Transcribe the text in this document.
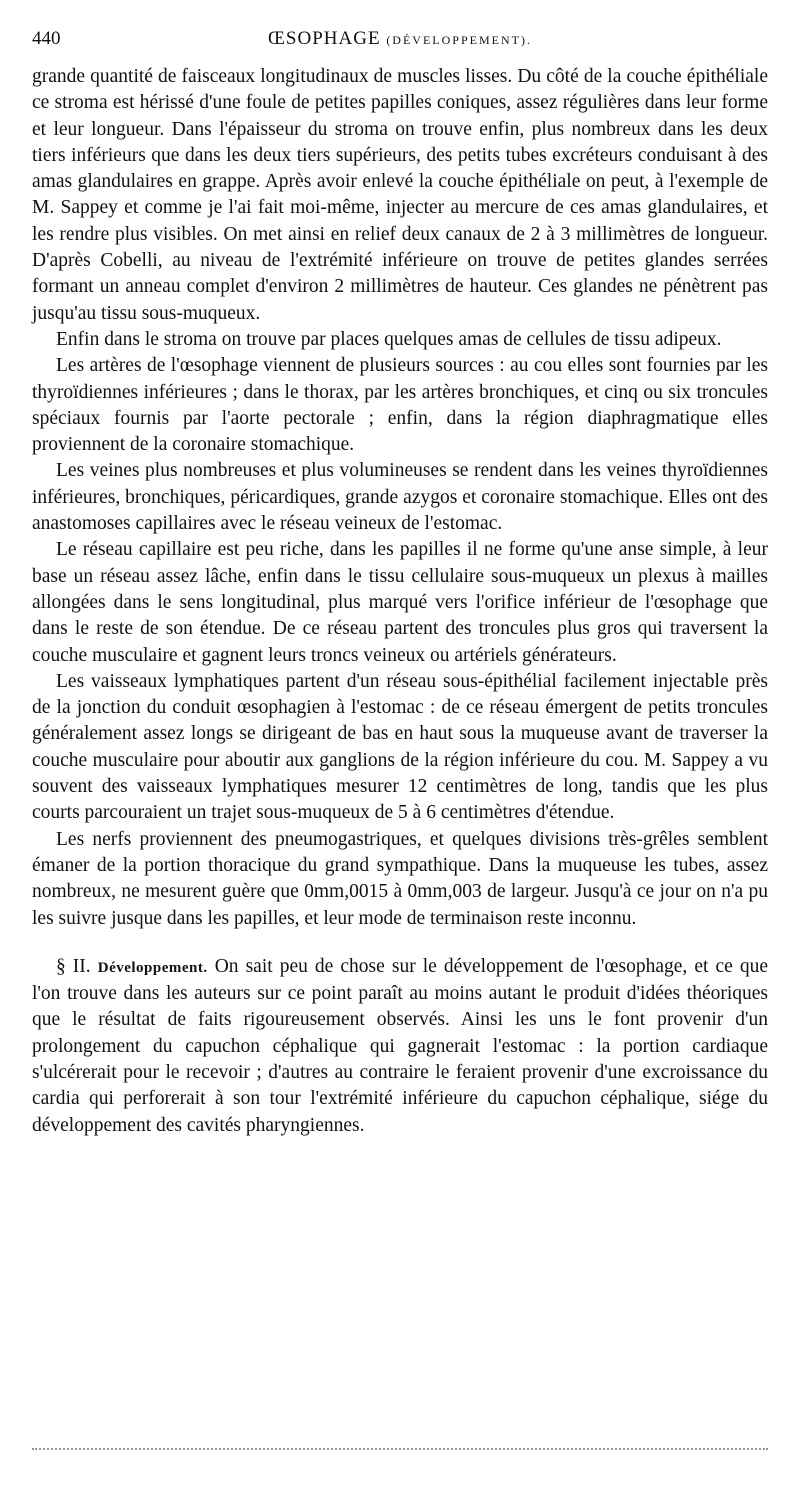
440	ŒSOPHAGE (DÉVELOPPEMENT).

grande quantité de faisceaux longitudinaux de muscles lisses. Du côté de la couche épithéliale ce stroma est hérissé d'une foule de petites papilles coniques, assez régulières dans leur forme et leur longueur. Dans l'épaisseur du stroma on trouve enfin, plus nombreux dans les deux tiers inférieurs que dans les deux tiers supérieurs, des petits tubes excréteurs conduisant à des amas glandulaires en grappe. Après avoir enlevé la couche épithéliale on peut, à l'exemple de M. Sappey et comme je l'ai fait moi-même, injecter au mercure de ces amas glandulaires, et les rendre plus visibles. On met ainsi en relief deux canaux de 2 à 3 millimètres de longueur. D'après Cobelli, au niveau de l'extrémité inférieure on trouve de petites glandes serrées formant un anneau complet d'environ 2 millimètres de hauteur. Ces glandes ne pénètrent pas jusqu'au tissu sous-muqueux.

Enfin dans le stroma on trouve par places quelques amas de cellules de tissu adipeux.

Les artères de l'œsophage viennent de plusieurs sources : au cou elles sont fournies par les thyroïdiennes inférieures ; dans le thorax, par les artères bronchiques, et cinq ou six troncules spéciaux fournis par l'aorte pectorale ; enfin, dans la région diaphragmatique elles proviennent de la coronaire stomachique.

Les veines plus nombreuses et plus volumineuses se rendent dans les veines thyroïdiennes inférieures, bronchiques, péricardiques, grande azygos et coronaire stomachique. Elles ont des anastomoses capillaires avec le réseau veineux de l'estomac.

Le réseau capillaire est peu riche, dans les papilles il ne forme qu'une anse simple, à leur base un réseau assez lâche, enfin dans le tissu cellulaire sous-muqueux un plexus à mailles allongées dans le sens longitudinal, plus marqué vers l'orifice inférieur de l'œsophage que dans le reste de son étendue. De ce réseau partent des troncules plus gros qui traversent la couche musculaire et gagnent leurs troncs veineux ou artériels générateurs.

Les vaisseaux lymphatiques partent d'un réseau sous-épithélial facilement injectable près de la jonction du conduit œsophagien à l'estomac : de ce réseau émergent de petits troncules généralement assez longs se dirigeant de bas en haut sous la muqueuse avant de traverser la couche musculaire pour aboutir aux ganglions de la région inférieure du cou. M. Sappey a vu souvent des vaisseaux lymphatiques mesurer 12 centimètres de long, tandis que les plus courts parcouraient un trajet sous-muqueux de 5 à 6 centimètres d'étendue.

Les nerfs proviennent des pneumogastriques, et quelques divisions très-grêles semblent émaner de la portion thoracique du grand sympathique. Dans la muqueuse les tubes, assez nombreux, ne mesurent guère que 0mm,0015 à 0mm,003 de largeur. Jusqu'à ce jour on n'a pu les suivre jusque dans les papilles, et leur mode de terminaison reste inconnu.

§ II. Développement. On sait peu de chose sur le développement de l'œsophage, et ce que l'on trouve dans les auteurs sur ce point paraît au moins autant le produit d'idées théoriques que le résultat de faits rigoureusement observés. Ainsi les uns le font provenir d'un prolongement du capuchon céphalique qui gagnerait l'estomac : la portion cardiaque s'ulcérerait pour le recevoir ; d'autres au contraire le feraient provenir d'une excroissance du cardia qui perforerait à son tour l'extrémité inférieure du capuchon céphalique, siége du développement des cavités pharyngiennes.
